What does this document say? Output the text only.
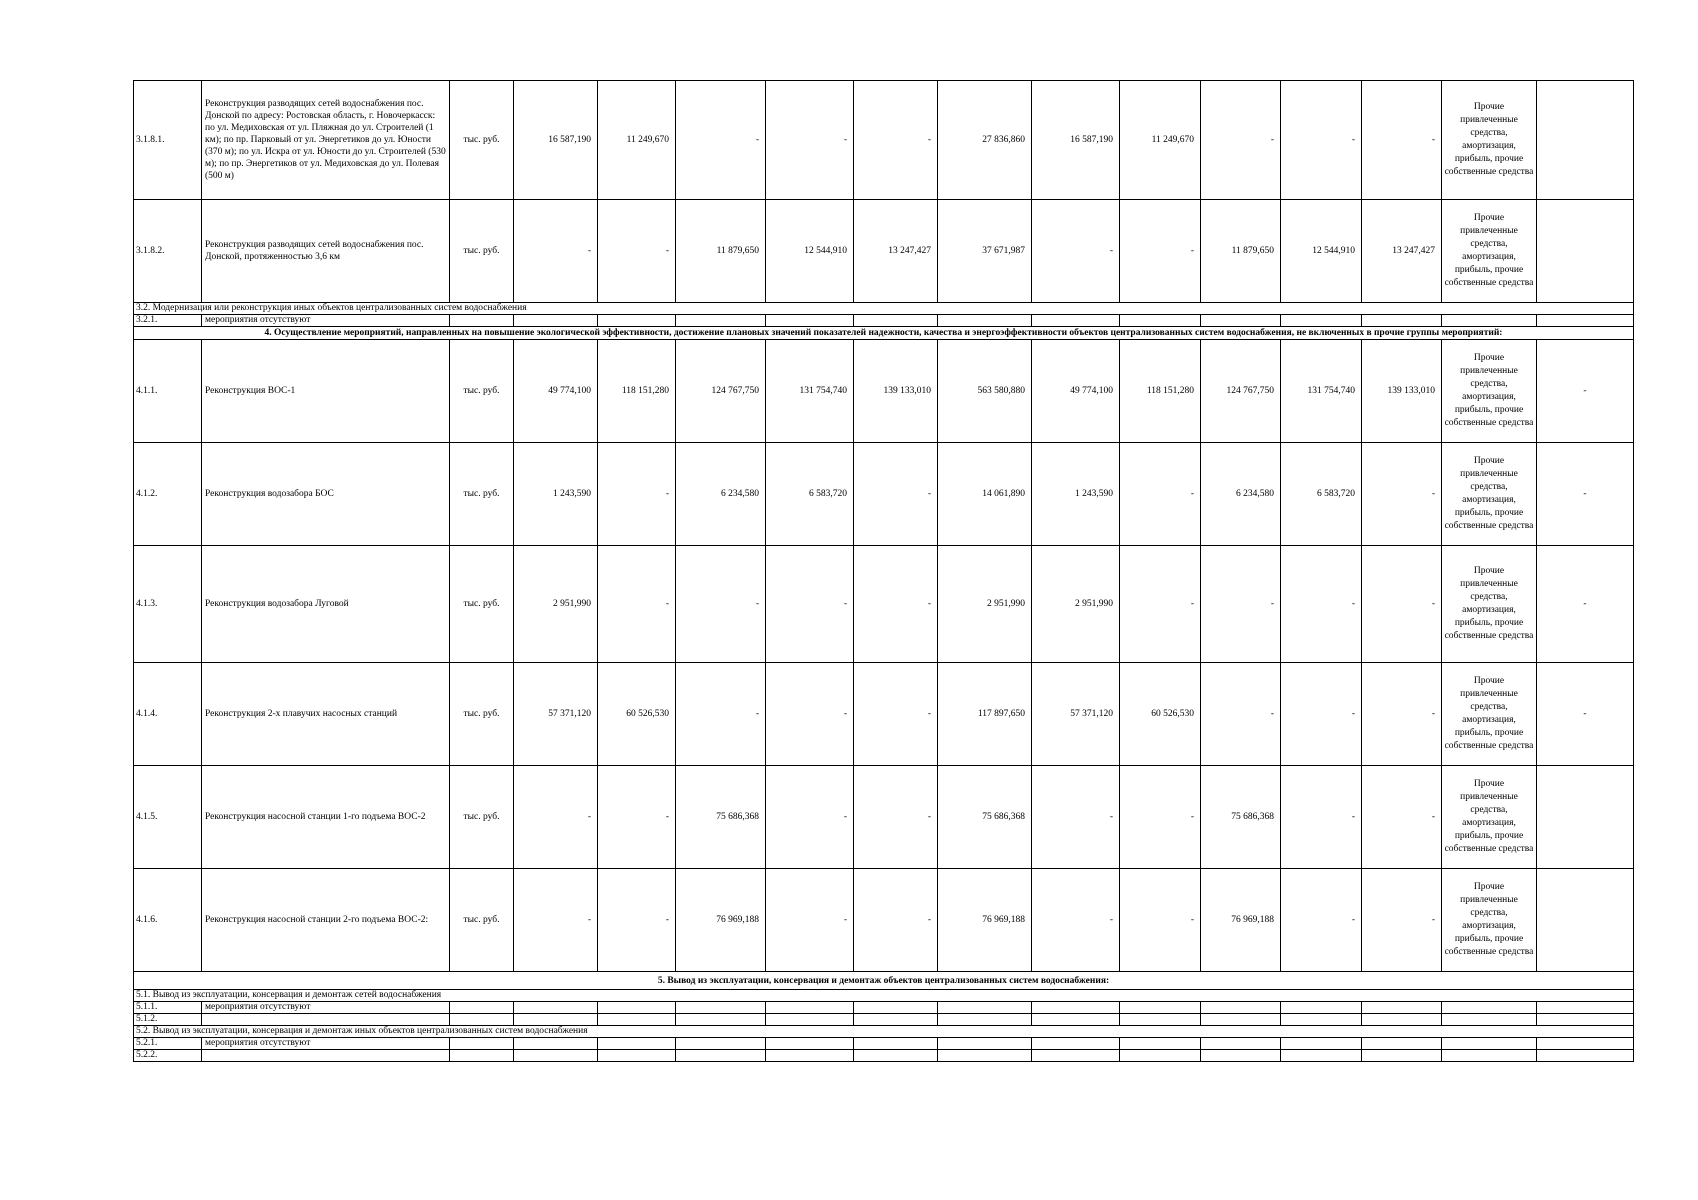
3.1.8.1.	Реконструкция разводящих сетей водоснабжения пос. Донской по адресу: Ростовская область, г. Новочеркасск: по ул. Медиховская от ул. Пляжная до ул. Строителей (1 км); по пр. Парковый от ул. Энергетиков до ул. Юности (370 м); по ул. Искра от ул. Юности до ул. Строителей (530 м); по пр. Энергетиков от ул. Медиховская до ул. Полевая (500 м)	тыс. руб.	16 587,190	11 249,670	-	-	-	27 836,860	16 587,190	11 249,670	-	-	-	Прочие привлеченные средства, амортизация, прибыль, прочие собственные средства	
3.1.8.2.	Реконструкция разводящих сетей водоснабжения пос. Донской, протяженностью 3,6 км	тыс. руб.	-	-	11 879,650	12 544,910	13 247,427	37 671,987	-	-	11 879,650	12 544,910	13 247,427	Прочие привлеченные средства, амортизация, прибыль, прочие собственные средства	
3.2. Модернизация или реконструкция иных объектов централизованных систем водоснабжения															
3.2.1.	мероприятия отсутствуют														
4. Осуществление мероприятий, направленных на повышение экологической эффективности, достижение плановых значений показателей надежности, качества и энергоэффективности объектов централизованных систем водоснабжения, не включенных в прочие группы мероприятий:															
4.1.1.	Реконструкция ВОС-1	тыс. руб.	49 774,100	118 151,280	124 767,750	131 754,740	139 133,010	563 580,880	49 774,100	118 151,280	124 767,750	131 754,740	139 133,010	Прочие привлеченные средства, амортизация, прибыль, прочие собственные средства	-
4.1.2.	Реконструкция водозабора БОС	тыс. руб.	1 243,590	-	6 234,580	6 583,720	-	14 061,890	1 243,590	-	6 234,580	6 583,720	-	Прочие привлеченные средства, амортизация, прибыль, прочие собственные средства	-
4.1.3.	Реконструкция водозабора Луговой	тыс. руб.	2 951,990	-	-	-	-	2 951,990	2 951,990	-	-	-	-	Прочие привлеченные средства, амортизация, прибыль, прочие собственные средства	-
4.1.4.	Реконструкция 2-х плавучих насосных станций	тыс. руб.	57 371,120	60 526,530	-	-	-	117 897,650	57 371,120	60 526,530	-	-	-	Прочие привлеченные средства, амортизация, прибыль, прочие собственные средства	-
4.1.5.	Реконструкция насосной станции 1-го подъема ВОС-2	тыс. руб.	-	-	75 686,368	-	-	75 686,368	-	-	75 686,368	-	-	Прочие привлеченные средства, амортизация, прибыль, прочие собственные средства	
4.1.6.	Реконструкция насосной станции 2-го подъема ВОС-2:	тыс. руб.	-	-	76 969,188	-	-	76 969,188	-	-	76 969,188	-	-	Прочие привлеченные средства, амортизация, прибыль, прочие собственные средства	
5. Вывод из эксплуатации, консервация и демонтаж объектов централизованных систем водоснабжения:															
5.1. Вывод из эксплуатации, консервация и демонтаж сетей водоснабжения															
5.1.1.	мероприятия отсутствуют														
5.1.2.															
5.2. Вывод из эксплуатации, консервация и демонтаж иных объектов централизованных систем водоснабжения															
5.2.1.	мероприятия отсутствуют														
5.2.2.															
